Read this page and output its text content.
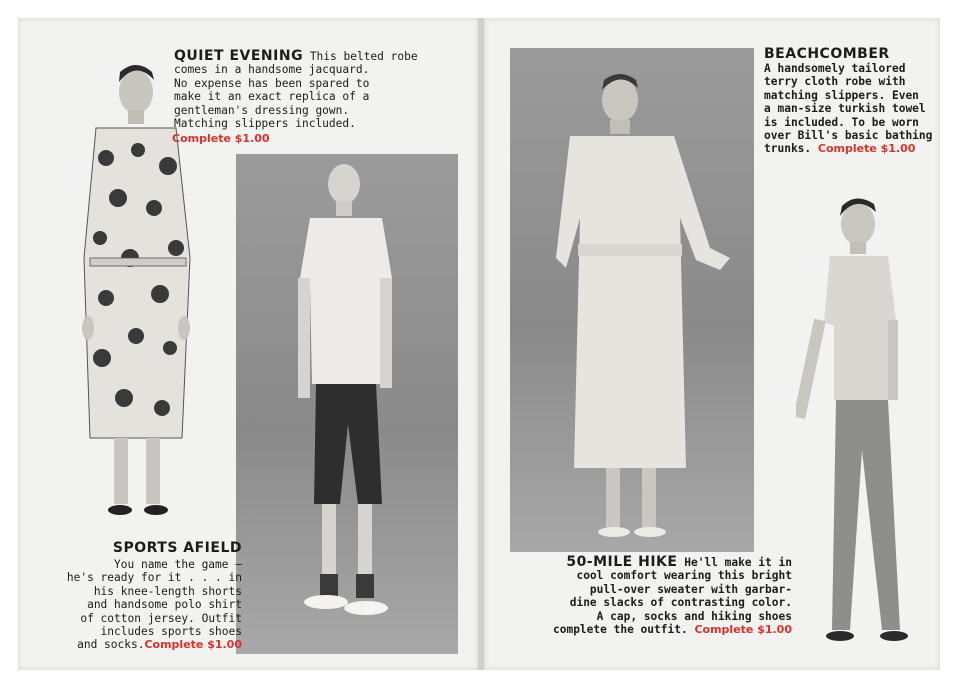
QUIET EVENING This belted robe
comes in a handsome jacquard.
No expense has been spared to
make it an exact replica of a
gentleman's dressing gown.
Matching slippers included.
Complete $1.00
SPORTS AFIELD
You name the game —
he's ready for it . . . in
his knee-length shorts
and handsome polo shirt
of cotton jersey. Outfit
includes sports shoes
and socks.Complete $1.00
BEACHCOMBER
A handsomely tailored
terry cloth robe with
matching slippers. Even
a man-size turkish towel
is included. To be worn
over Bill's basic bathing
trunks. Complete $1.00
50-MILE HIKE He'll make it in
cool comfort wearing this bright
pull-over sweater with garbar-
dine slacks of contrasting color.
A cap, socks and hiking shoes
complete the outfit. Complete $1.00
